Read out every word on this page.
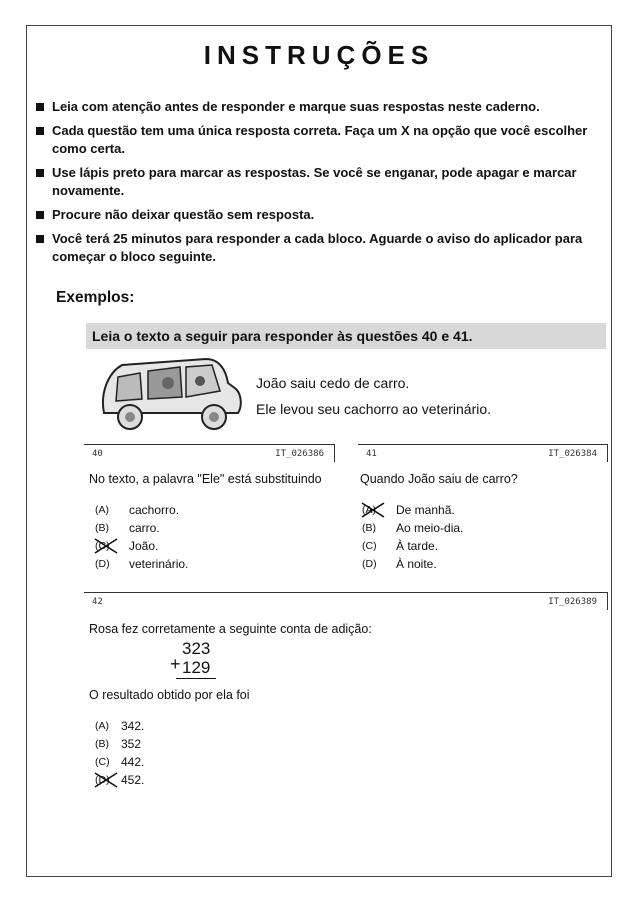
INSTRUÇÕES
Leia com atenção antes de responder e marque suas respostas neste caderno.
Cada questão tem uma única resposta correta. Faça um X na opção que você escolher como certa.
Use lápis preto para marcar as respostas. Se você se enganar, pode apagar e marcar novamente.
Procure não deixar questão sem resposta.
Você terá 25 minutos para responder a cada bloco. Aguarde o aviso do aplicador para começar o bloco seguinte.
Exemplos:
Leia o texto a seguir para responder às questões 40 e 41.
João saiu cedo de carro.
Ele levou seu cachorro ao veterinário.
40	IT_026386
No texto, a palavra "Ele" está substituindo
(A)	cachorro.
(B)	carro.
(C)	João.
(D)	veterinário.
41	IT_026384
Quando João saiu de carro?
(A)	De manhã.
(B)	Ao meio-dia.
(C)	À tarde.
(D)	À noite.
42	IT_026389
Rosa fez corretamente a seguinte conta de adição:
+
323
129
O resultado obtido por ela foi
(A)	342.
(B)	352
(C) 442.
(D) 452.
